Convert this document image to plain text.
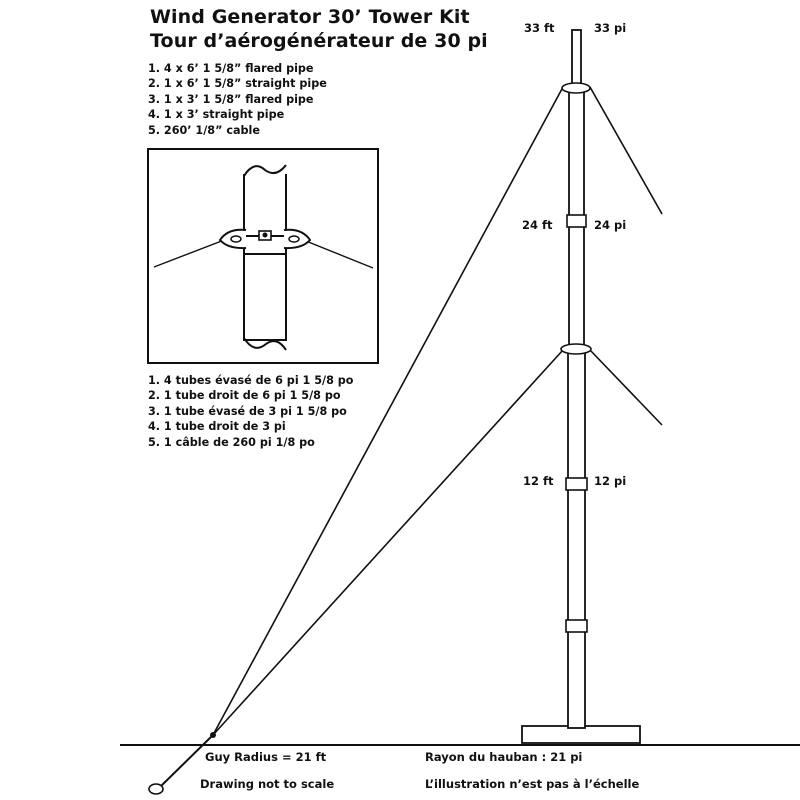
Wind Generator 30’ Tower Kit
Tour d’aérogénérateur de 30 pi
1. 4 x 6’ 1 5/8” flared pipe
2. 1 x 6’ 1 5/8” straight pipe
3. 1 x 3’ 1 5/8” flared pipe
4. 1 x 3’ straight pipe
5. 260’ 1/8” cable
1. 4 tubes évasé de 6 pi 1 5/8 po
2. 1 tube droit de 6 pi 1 5/8 po
3. 1 tube évasé de 3 pi 1 5/8 po
4. 1 tube droit de 3 pi
5. 1 câble de 260 pi 1/8 po
33 ft	33 pi
24 ft	24 pi
12 ft	12 pi
Guy Radius = 21 ft	Rayon du hauban : 21 pi
Drawing not to scale	L’illustration n’est pas à l’échelle
